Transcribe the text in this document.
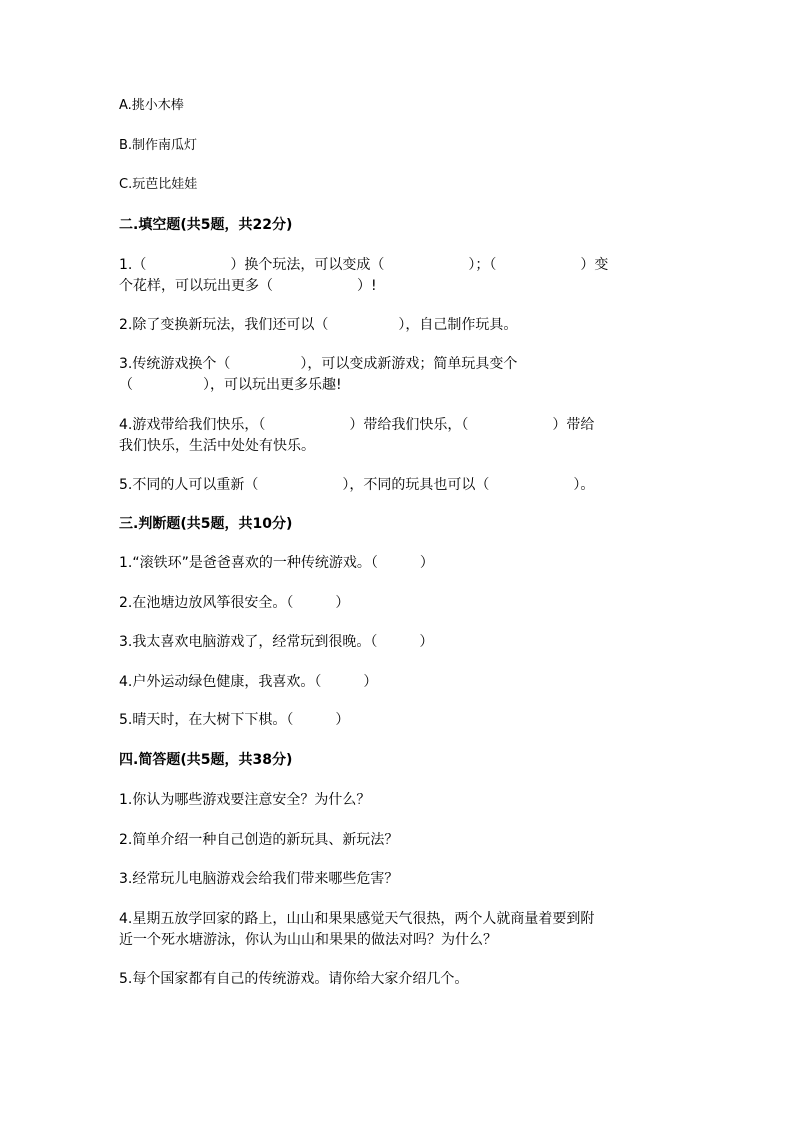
A.挑小木棒
B.制作南瓜灯
C.玩芭比娃娃
二.填空题(共5题，共22分)
1.（　　　　　　）换个玩法，可以变成（　　　　　　）；（　　　　　　）变
个花样，可以玩出更多（　　　　　　）!
2.除了变换新玩法，我们还可以（　　　　　），自己制作玩具。
3.传统游戏换个（　　　　　），可以变成新游戏；简单玩具变个
（　　　　　），可以玩出更多乐趣!
4.游戏带给我们快乐，（　　　　　　）带给我们快乐，（　　　　　　）带给
我们快乐，生活中处处有快乐。
5.不同的人可以重新（　　　　　　），不同的玩具也可以（　　　　　　）。
三.判断题(共5题，共10分)
1.“滚铁环”是爸爸喜欢的一种传统游戏。（　　　）
2.在池塘边放风筝很安全。（　　　）
3.我太喜欢电脑游戏了，经常玩到很晚。（　　　）
4.户外运动绿色健康，我喜欢。（　　　）
5.晴天时，在大树下下棋。（　　　）
四.简答题(共5题，共38分)
1.你认为哪些游戏要注意安全？为什么？
2.简单介绍一种自己创造的新玩具、新玩法？
3.经常玩儿电脑游戏会给我们带来哪些危害？
4.星期五放学回家的路上，山山和果果感觉天气很热，两个人就商量着要到附
近一个死水塘游泳，你认为山山和果果的做法对吗？为什么？
5.每个国家都有自己的传统游戏。请你给大家介绍几个。
